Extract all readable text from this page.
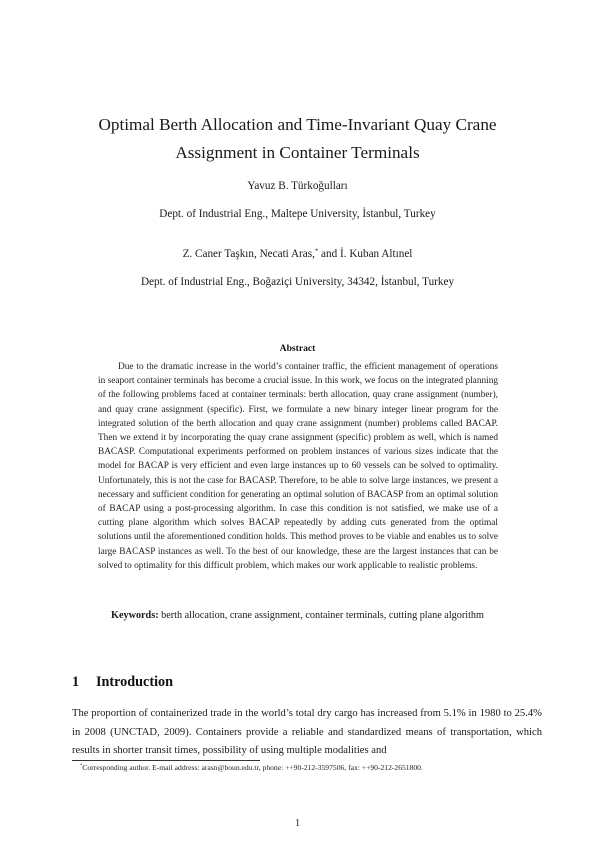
Optimal Berth Allocation and Time-Invariant Quay Crane
Assignment in Container Terminals
Yavuz B. Türkoğulları
Dept. of Industrial Eng., Maltepe University, İstanbul, Turkey
Z. Caner Taşkın, Necati Aras,* and İ. Kuban Altınel
Dept. of Industrial Eng., Boğaziçi University, 34342, İstanbul, Turkey
Abstract

Due to the dramatic increase in the world’s container traffic, the efficient management of operations in seaport container terminals has become a crucial issue. In this work, we focus on the integrated planning of the following problems faced at container terminals: berth allocation, quay crane assignment (number), and quay crane assignment (specific). First, we formulate a new binary integer linear program for the integrated solution of the berth allocation and quay crane assignment (number) problems called BACAP. Then we extend it by incorporating the quay crane assignment (specific) problem as well, which is named BACASP. Computational experiments performed on problem instances of various sizes indicate that the model for BACAP is very efficient and even large instances up to 60 vessels can be solved to optimality. Unfortunately, this is not the case for BACASP. Therefore, to be able to solve large instances, we present a necessary and sufficient condition for generating an optimal solution of BACASP from an optimal solution of BACAP using a post-processing algorithm. In case this condition is not satisfied, we make use of a cutting plane algorithm which solves BACAP repeatedly by adding cuts generated from the optimal solutions until the aforementioned condition holds. This method proves to be viable and enables us to solve large BACASP instances as well. To the best of our knowledge, these are the largest instances that can be solved to optimality for this difficult problem, which makes our work applicable to realistic problems.

Keywords: berth allocation, crane assignment, container terminals, cutting plane algorithm
1 Introduction

The proportion of containerized trade in the world’s total dry cargo has increased from 5.1% in 1980 to 25.4% in 2008 (UNCTAD, 2009). Containers provide a reliable and standardized means of transportation, which results in shorter transit times, possibility of using multiple modalities and

*Corresponding author. E-mail address: arasn@boun.edu.tr, phone: ++90-212-3597506, fax: ++90-212-2651800.
1
